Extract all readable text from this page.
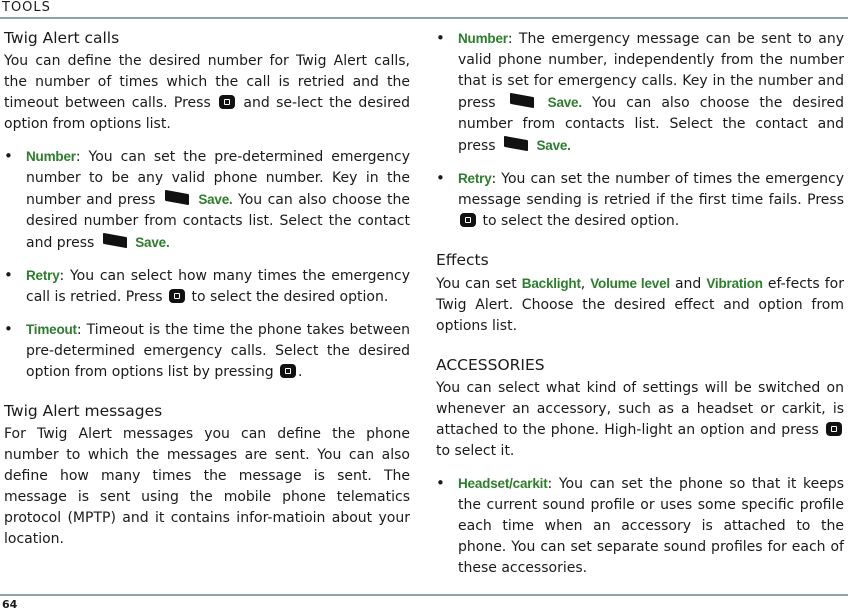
TOOLS
Twig Alert calls

You can define the desired number for Twig Alert calls, the number of times which the call is retried and the timeout between calls. Press  and se-lect the desired option from options list.

• Number: You can set the pre-determined emergency number to be any valid phone number. Key in the number and press	Save. You can also choose the desired number from contacts list. Select the contact and press	Save.
• Retry: You can select how many times the emergency call is retried. Press  to select the desired option.
• Timeout: Timeout is the time the phone takes between pre-determined emergency calls. Select the desired option from options list by pressing .
Twig Alert messages

For Twig Alert messages you can define the phone number to which the messages are sent. You can also define how many times the message is sent. The message is sent using the mobile phone telematics protocol (MPTP) and it contains infor-matioin about your location.

• Number: The emergency message can be sent to any valid phone number, independently from the number that is set for emergency calls. Key in the number and press	Save. You can also choose the desired number from contacts list. Select the contact and press	Save.
• Retry: You can set the number of times the emergency message sending is retried if the first time fails. Press  to select the desired option.
Effects

You can set Backlight, Volume level and Vibration ef-fects for Twig Alert. Choose the desired effect and option from options list.

ACCESSORIES

You can select what kind of settings will be switched on whenever an accessory, such as a headset or carkit, is attached to the phone. High-light an option and press  to select it.

• Headset/carkit: You can set the phone so that it keeps the current sound profile or uses some specific profile each time when an accessory is attached to the phone. You can set separate sound profiles for each of these accessories.
64
